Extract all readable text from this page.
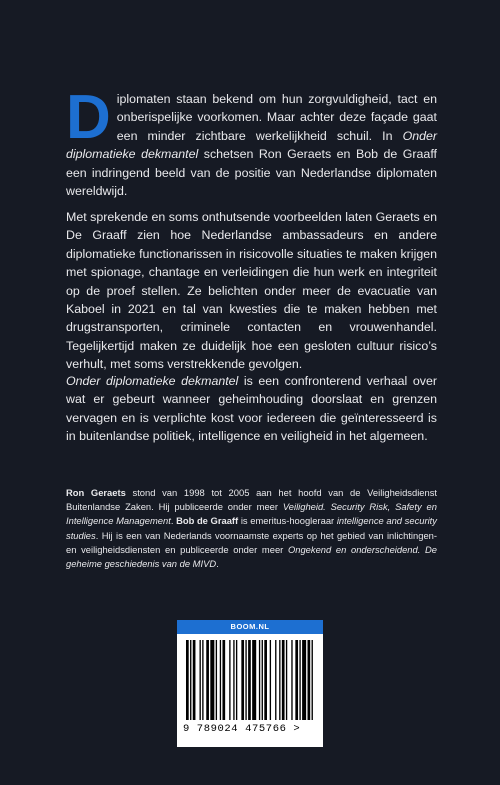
Diplomaten staan bekend om hun zorgvuldigheid, tact en onberispelijke voorkomen. Maar achter deze façade gaat een minder zichtbare werkelijkheid schuil. In Onder diplomatieke dekmantel schetsen Ron Geraets en Bob de Graaff een indringend beeld van de positie van Nederlandse diplomaten wereldwijd.

Met sprekende en soms onthutsende voorbeelden laten Geraets en De Graaff zien hoe Nederlandse ambassadeurs en andere diplomatieke functionarissen in risicovolle situaties te maken krijgen met spionage, chantage en verleidingen die hun werk en integriteit op de proef stellen. Ze belichten onder meer de evacuatie van Kaboel in 2021 en tal van kwesties die te maken hebben met drugstransporten, criminele contacten en vrouwenhandel. Tegelijkertijd maken ze duidelijk hoe een gesloten cultuur risico’s verhult, met soms verstrekkende gevolgen.

Onder diplomatieke dekmantel is een confronterend verhaal over wat er gebeurt wanneer geheimhouding doorslaat en grenzen vervagen en is verplichte kost voor iedereen die geïnteresseerd is in buitenlandse politiek, intelligence en veiligheid in het algemeen.

Ron Geraets stond van 1998 tot 2005 aan het hoofd van de Veiligheidsdienst Buitenlandse Zaken. Hij publiceerde onder meer Veiligheid. Security Risk, Safety en Intelligence Management. Bob de Graaff is emeritus-hoogleraar intelligence and security studies. Hij is een van Nederlands voornaamste experts op het gebied van inlichtingen- en veiligheidsdiensten en publiceerde onder meer Ongekend en onderscheidend. De geheime geschiedenis van de MIVD.

BOOM.NL
9 789024 475766 >
